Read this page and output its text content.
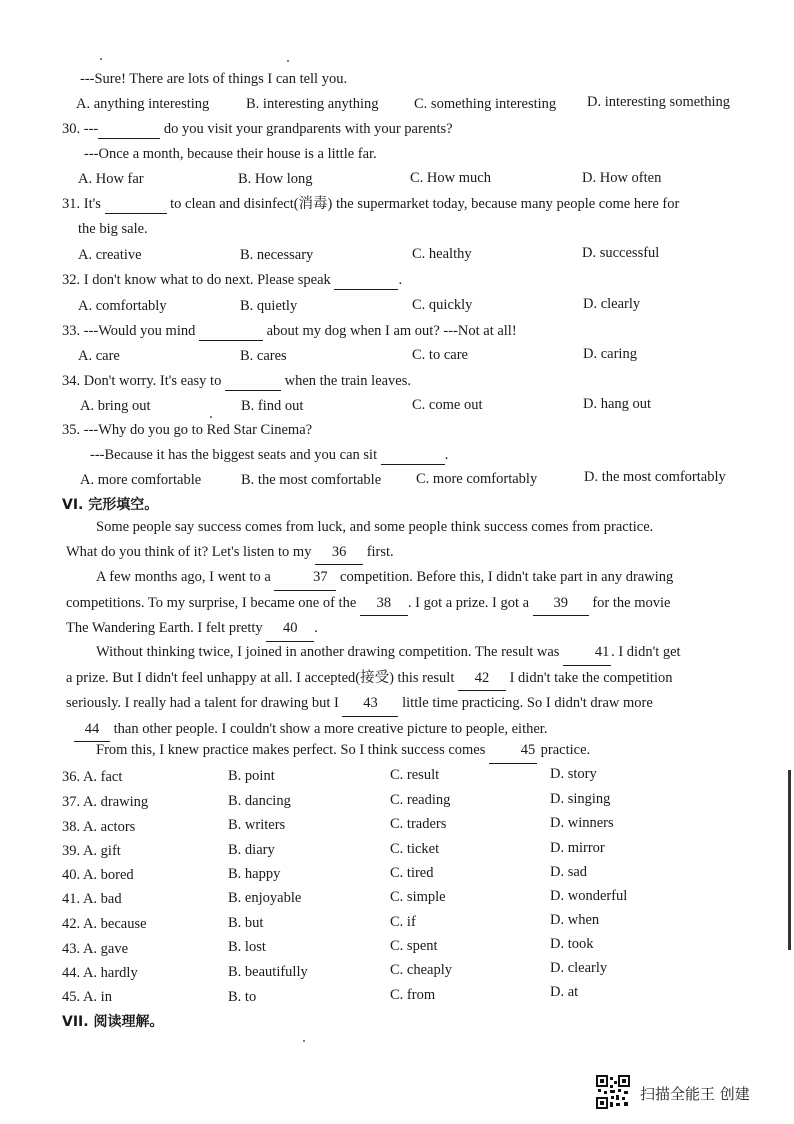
---Sure! There are lots of things I can tell you.
A. anything interesting	B. interesting anything C. something interesting D. interesting something
30. ---	do you visit your grandparents with your parents?
---Once a month, because their house is a little far.
A. How far	B. How long	C. How much	D. How often
31. It's	to clean and disinfect(消毒) the supermarket today, because many people come here for
the big sale.
A. creative	B. necessary	C. healthy	D. successful
32. I don't know what to do next. Please speak	.
A. comfortably	B. quietly	C. quickly	D. clearly
33. ---Would you mind	about my dog when I am out? ---Not at all!
A. care	B. cares	C. to care	D. caring
34. Don't worry. It's easy to	when the train leaves.
A. bring out	B. find out	C. come out	D. hang out
35. ---Why do you go to Red Star Cinema?
---Because it has the biggest seats and you can sit	.
A. more comfortable	B. the most comfortable C. more comfortably	D. the most comfortably
VI. 完形填空。
Some people say success comes from luck, and some people think success comes from practice.
What do you think of it? Let's listen to my 36 first.
A few months ago, I went to a	37 competition. Before this, I didn't take part in any drawing
competitions. To my surprise, I became one of the 38 . I got a prize. I got a 39 for the movie
The Wandering Earth. I felt pretty 40 .
Without thinking twice, I joined in another drawing competition. The result was 41 . I didn't get
a prize. But I didn't feel unhappy at all. I accepted(接受) this result 42 I didn't take the competition
seriously. I really had a talent for drawing but I 43 little time practicing. So I didn't draw more
44 than other people. I couldn't show a more creative picture to people, either.
From this, I knew practice makes perfect. So I think success comes 45 practice.
36. A. fact	B. point	C. result	D. story
37. A. drawing	B. dancing	C. reading	D. singing
38. A. actors	B. writers	C. traders	D. winners
39. A. gift	B. diary	C. ticket	D. mirror
40. A. bored	B. happy	C. tired	D. sad
41. A. bad	B. enjoyable	C. simple	D. wonderful
42. A. because	B. but	C. if	D. when
43. A. gave	B. lost	C. spent	D. took
44. A. hardly	B. beautifully	C. cheaply	D. clearly
45. A. in	B. to	C. from	D. at
VII. 阅读理解。
扫描全能王 创建
